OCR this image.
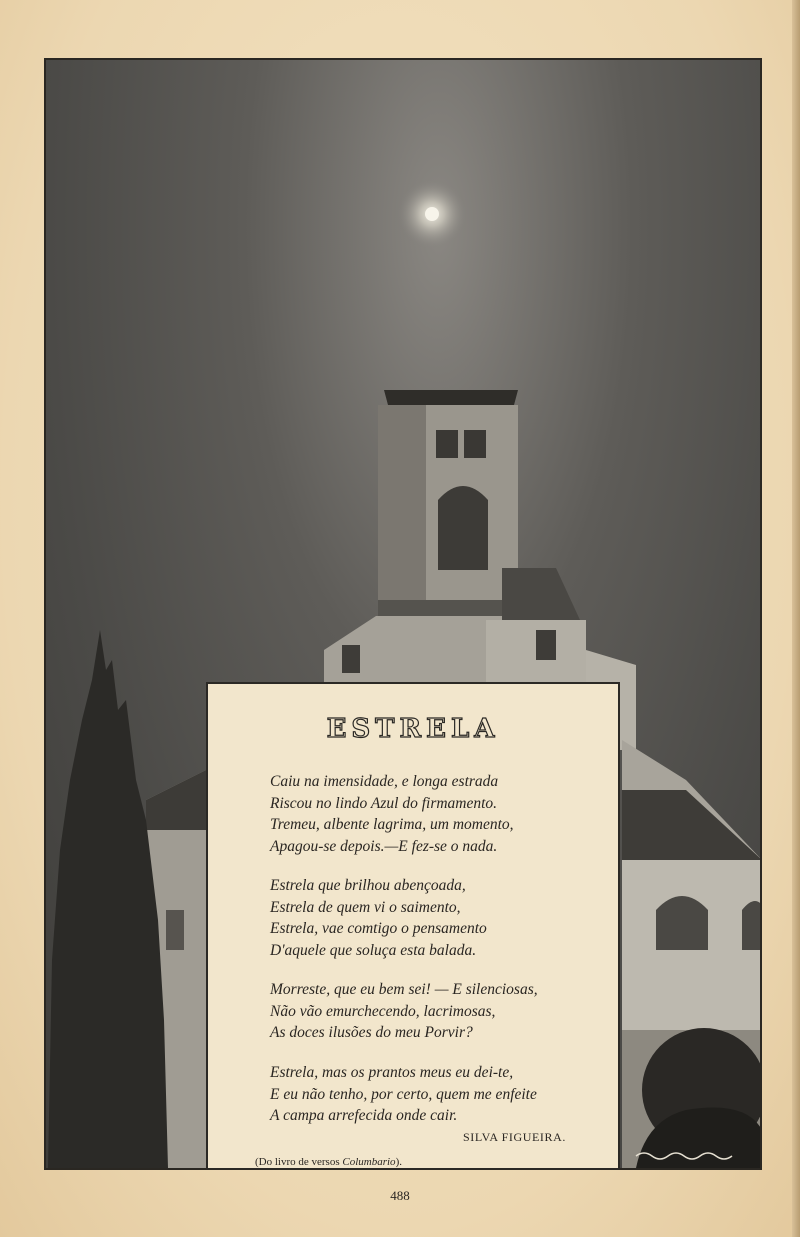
ESTRELA
Caiu na imensidade, e longa estrada
Riscou no lindo Azul do firmamento.
Tremeu, albente lagrima, um momento,
Apagou-se depois.—E fez-se o nada.
Estrela que brilhou abençoada,
Estrela de quem vi o saimento,
Estrela, vae comtigo o pensamento
D'aquele que soluça esta balada.
Morreste, que eu bem sei! — E silenciosas,
Não vão emurchecendo, lacrimosas,
As doces ilusões do meu Porvir?
Estrela, mas os prantos meus eu dei-te,
E eu não tenho, por certo, quem me enfeite
A campa arrefecida onde cair.
SILVA FIGUEIRA.
(Do livro de versos Columbario).
488
